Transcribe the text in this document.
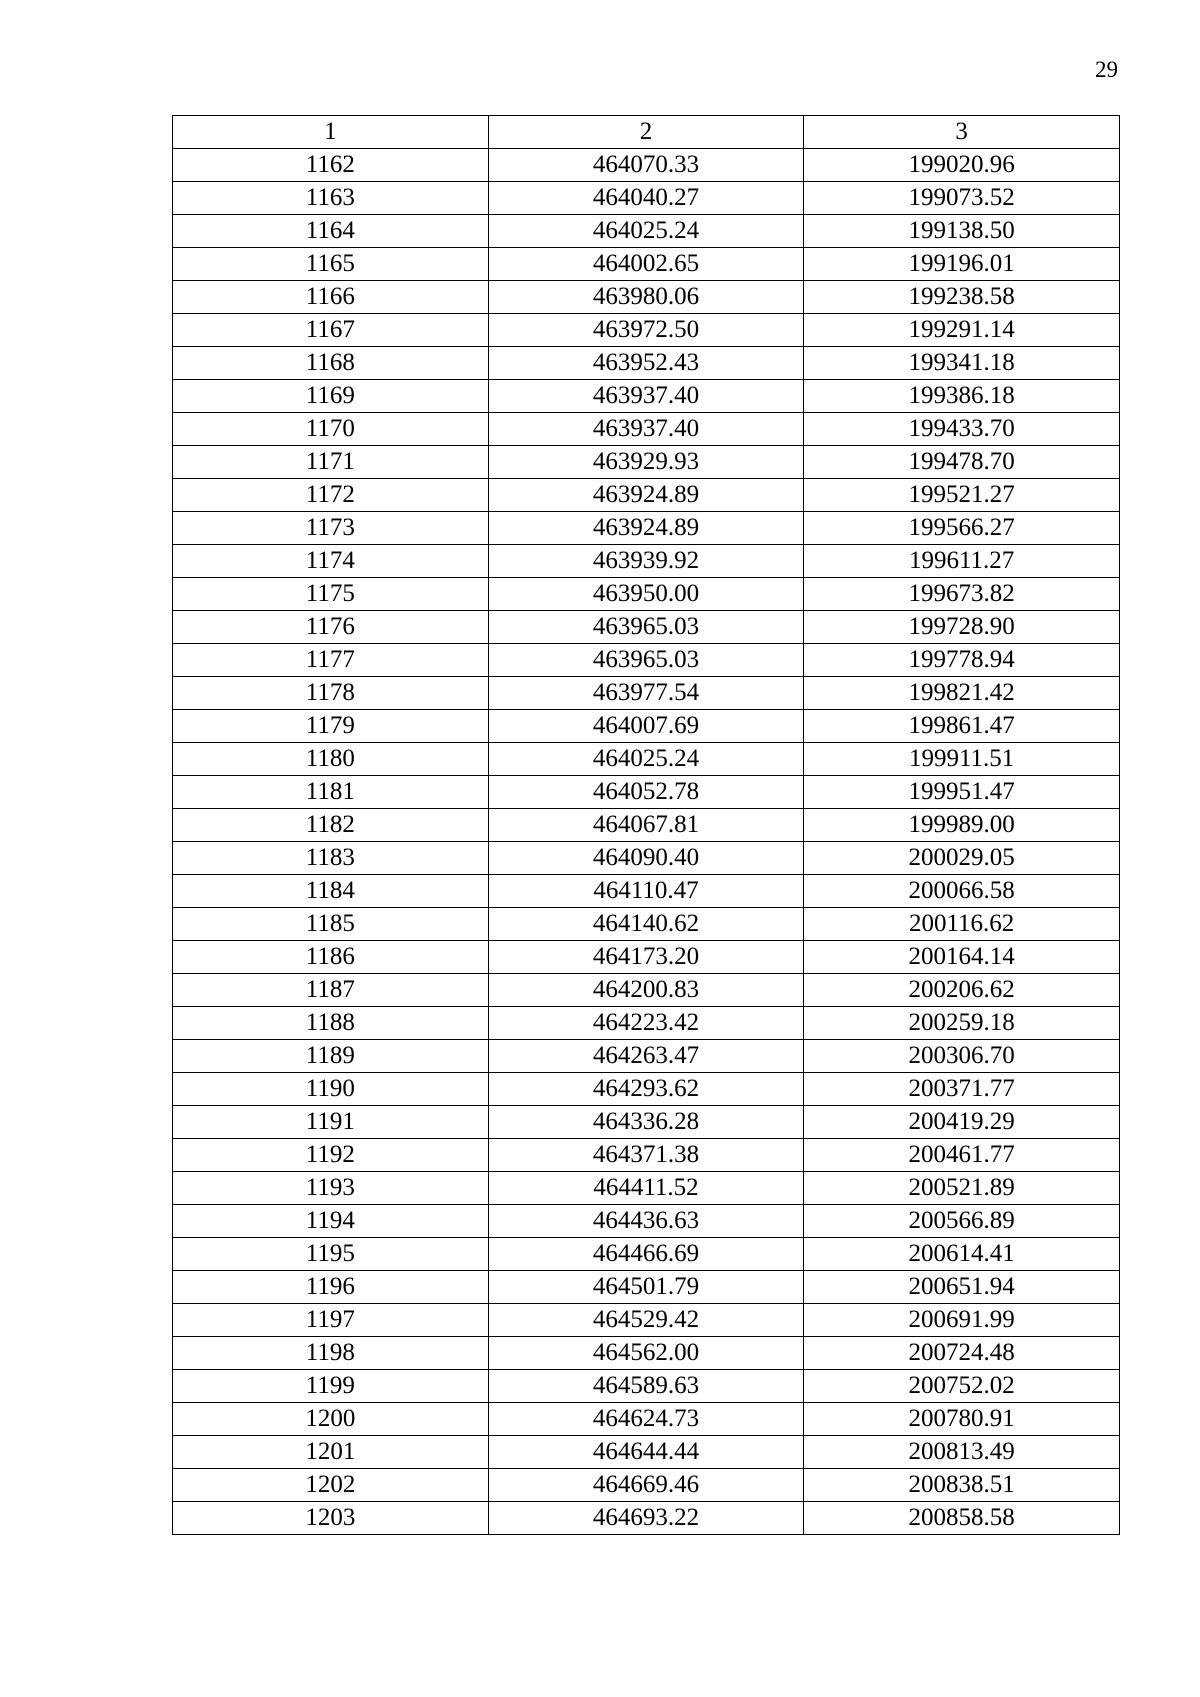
29
1	2	3
1162	464070.33	199020.96
1163	464040.27	199073.52
1164	464025.24	199138.50
1165	464002.65	199196.01
1166	463980.06	199238.58
1167	463972.50	199291.14
1168	463952.43	199341.18
1169	463937.40	199386.18
1170	463937.40	199433.70
1171	463929.93	199478.70
1172	463924.89	199521.27
1173	463924.89	199566.27
1174	463939.92	199611.27
1175	463950.00	199673.82
1176	463965.03	199728.90
1177	463965.03	199778.94
1178	463977.54	199821.42
1179	464007.69	199861.47
1180	464025.24	199911.51
1181	464052.78	199951.47
1182	464067.81	199989.00
1183	464090.40	200029.05
1184	464110.47	200066.58
1185	464140.62	200116.62
1186	464173.20	200164.14
1187	464200.83	200206.62
1188	464223.42	200259.18
1189	464263.47	200306.70
1190	464293.62	200371.77
1191	464336.28	200419.29
1192	464371.38	200461.77
1193	464411.52	200521.89
1194	464436.63	200566.89
1195	464466.69	200614.41
1196	464501.79	200651.94
1197	464529.42	200691.99
1198	464562.00	200724.48
1199	464589.63	200752.02
1200	464624.73	200780.91
1201	464644.44	200813.49
1202	464669.46	200838.51
1203	464693.22	200858.58
